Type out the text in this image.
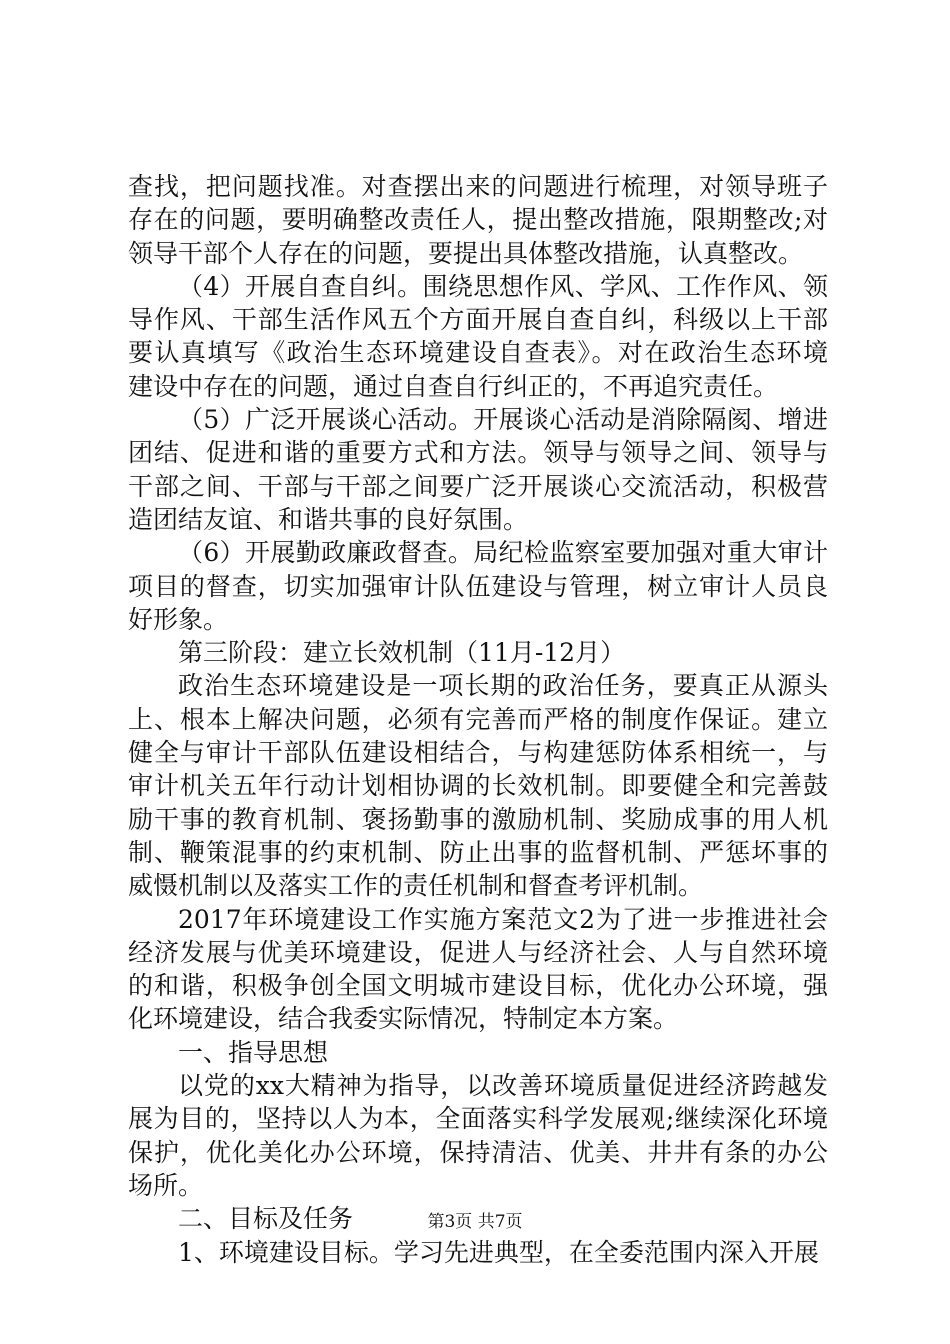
查找，把问题找准。对查摆出来的问题进行梳理，对领导班子
存在的问题，要明确整改责任人，提出整改措施，限期整改;对
领导干部个人存在的问题，要提出具体整改措施，认真整改。
（4）开展自查自纠。围绕思想作风、学风、工作作风、领
导作风、干部生活作风五个方面开展自查自纠，科级以上干部
要认真填写《政治生态环境建设自查表》。对在政治生态环境
建设中存在的问题，通过自查自行纠正的，不再追究责任。
（5）广泛开展谈心活动。开展谈心活动是消除隔阂、增进
团结、促进和谐的重要方式和方法。领导与领导之间、领导与
干部之间、干部与干部之间要广泛开展谈心交流活动，积极营
造团结友谊、和谐共事的良好氛围。
（6）开展勤政廉政督查。局纪检监察室要加强对重大审计
项目的督查，切实加强审计队伍建设与管理，树立审计人员良
好形象。
第三阶段：建立长效机制（11月-12月）
政治生态环境建设是一项长期的政治任务，要真正从源头
上、根本上解决问题，必须有完善而严格的制度作保证。建立
健全与审计干部队伍建设相结合，与构建惩防体系相统一，与
审计机关五年行动计划相协调的长效机制。即要健全和完善鼓
励干事的教育机制、褒扬勤事的激励机制、奖励成事的用人机
制、鞭策混事的约束机制、防止出事的监督机制、严惩坏事的
威慑机制以及落实工作的责任机制和督查考评机制。
2017年环境建设工作实施方案范文2为了进一步推进社会
经济发展与优美环境建设，促进人与经济社会、人与自然环境
的和谐，积极争创全国文明城市建设目标，优化办公环境，强
化环境建设，结合我委实际情况，特制定本方案。
一、指导思想
以党的xx大精神为指导，以改善环境质量促进经济跨越发
展为目的，坚持以人为本，全面落实科学发展观;继续深化环境
保护，优化美化办公环境，保持清洁、优美、井井有条的办公
场所。
二、目标及任务
1、环境建设目标。学习先进典型，在全委范围内深入开展
第3页 共7页
